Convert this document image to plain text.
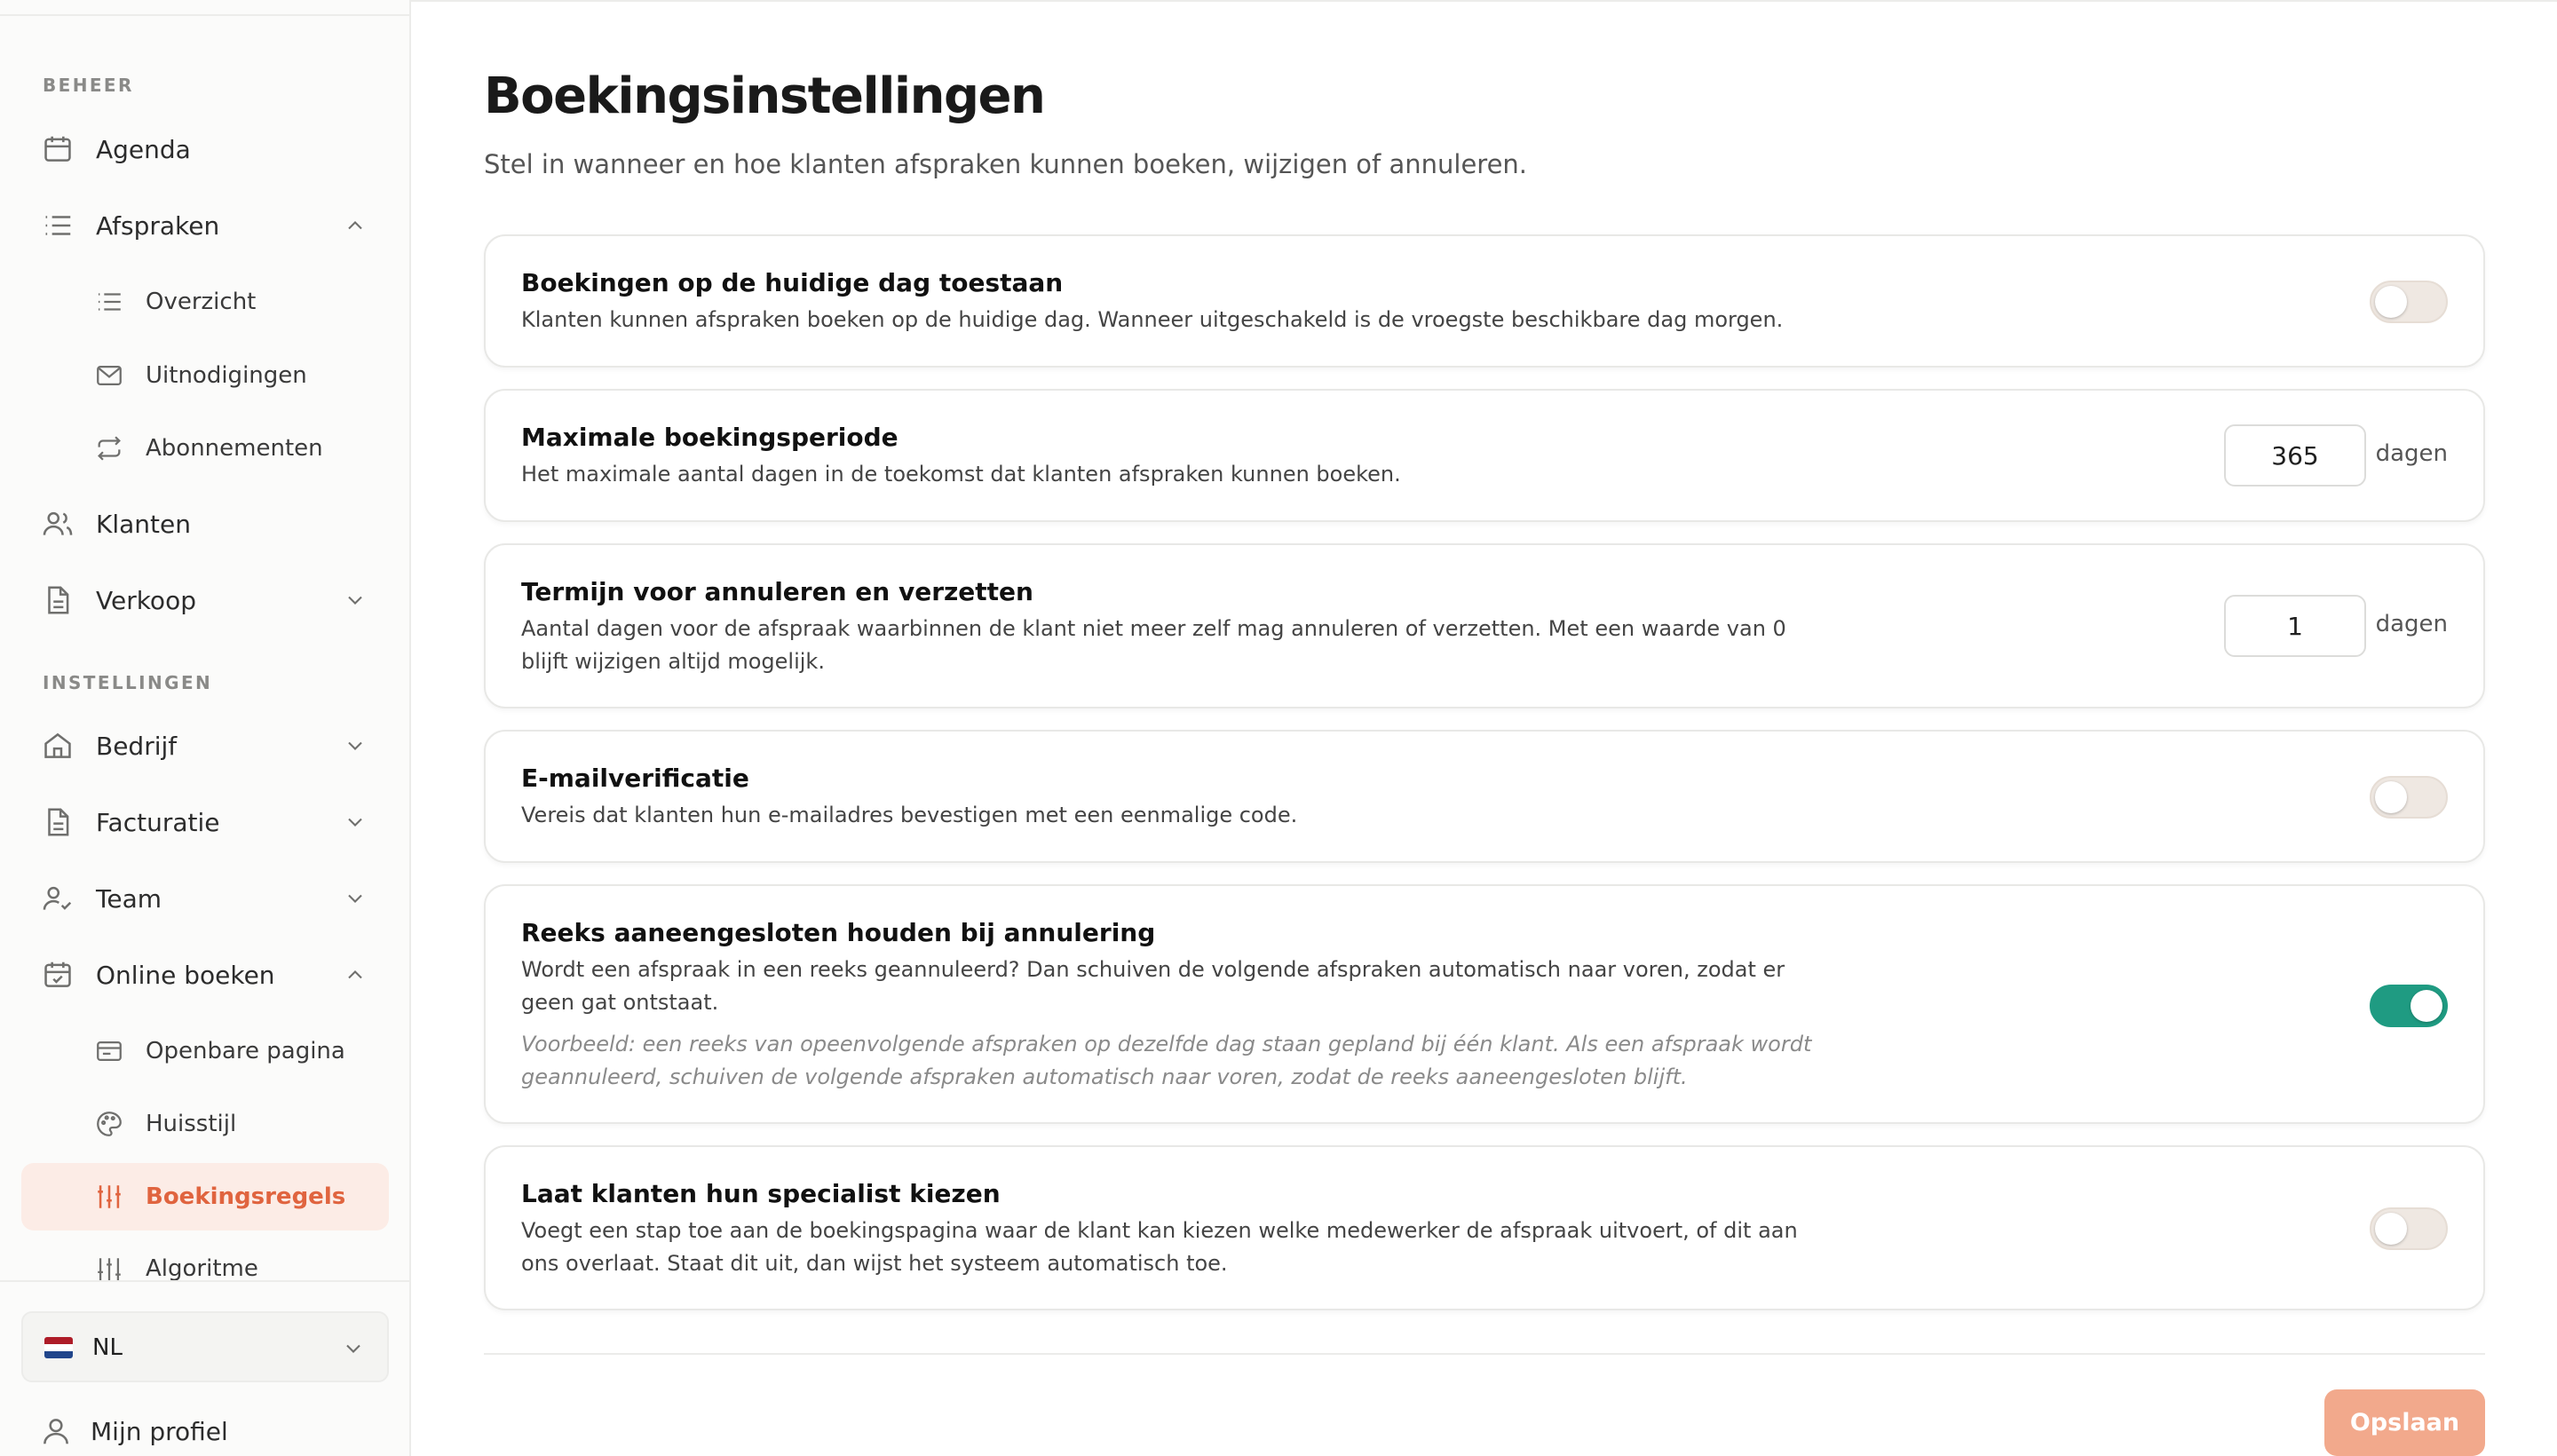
BEHEER
Agenda
Afspraken
Overzicht
Uitnodigingen
Abonnementen
Klanten
Verkoop
INSTELLINGEN
Bedrijf
Facturatie
Team
Online boeken
Openbare pagina
Huisstijl
Boekingsregels
Algoritme
NL
Mijn profiel
Boekingsinstellingen

Stel in wanneer en hoe klanten afspraken kunnen boeken, wijzigen of annuleren.

Boekingen op de huidige dag toestaan
Klanten kunnen afspraken boeken op de huidige dag. Wanneer uitgeschakeld is de vroegste beschikbare dag morgen.
Maximale boekingsperiode
Het maximale aantal dagen in de toekomst dat klanten afspraken kunnen boeken.
365
dagen
Termijn voor annuleren en verzetten
Aantal dagen voor de afspraak waarbinnen de klant niet meer zelf mag annuleren of verzetten. Met een waarde van 0 blijft wijzigen altijd mogelijk.
1
dagen
E-mailverificatie
Vereis dat klanten hun e-mailadres bevestigen met een eenmalige code.
Reeks aaneengesloten houden bij annulering
Wordt een afspraak in een reeks geannuleerd? Dan schuiven de volgende afspraken automatisch naar voren, zodat er geen gat ontstaat.
Voorbeeld: een reeks van opeenvolgende afspraken op dezelfde dag staan gepland bij één klant. Als een afspraak wordt geannuleerd, schuiven de volgende afspraken automatisch naar voren, zodat de reeks aaneengesloten blijft.
Laat klanten hun specialist kiezen
Voegt een stap toe aan de boekingspagina waar de klant kan kiezen welke medewerker de afspraak uitvoert, of dit aan ons overlaat. Staat dit uit, dan wijst het systeem automatisch toe.
Opslaan
